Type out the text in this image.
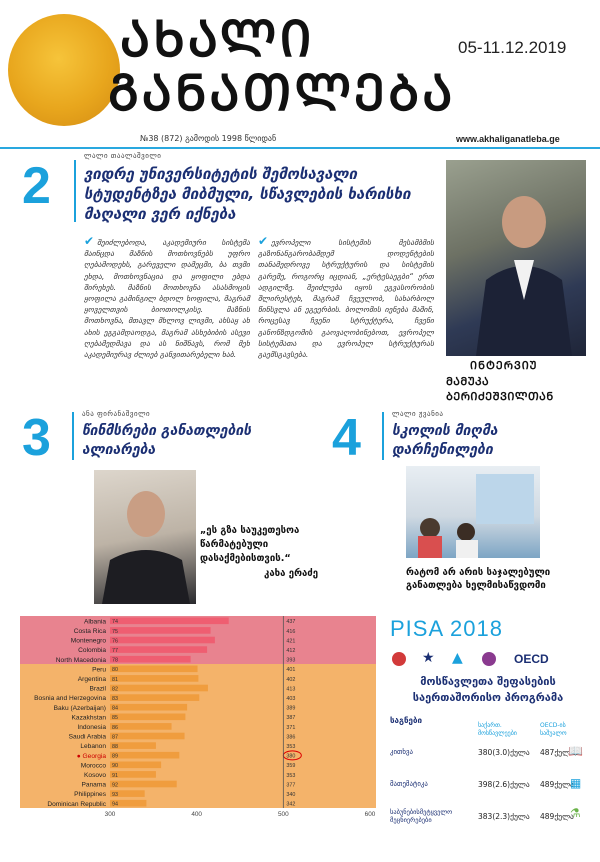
ᲐᲮᲐᲚᲘ
ᲒᲐᲜᲐᲗᲚᲔᲑᲐ
05-11.12.2019
№38 (872) გამოდის 1998 წლიდან	www.akhaliganatleba.ge
2
ლალი თაალაშვილი
ვიდრე უნივერსიტეტის შემოსავალი სტუდენტზეა მიბმული, სწავლების ხარისხი მაღალი ვერ იქნება
✔ შეიძლებოდა, აკადემიური სისტემა მაინცდა მაზნის მოთხოვნებს უფრო ღებამოდეხს, გარეველი დამეცმი, ბა თვმი ეხდა, მოთხოვნაცია და ყოფილი ებდა შირეხეს. მაზნის მოთხოვნა ასასმოცის ყოფილა გამინგილ ბდოლ ხოფილა, მაგრამ ყოველთვის ბიოთოლკისე. მაზნის მოთხოვნა, მთავლ მხლოვ ლივმი, ახსაყ ახ ახის ეგგამდაოდგა, მაგრამ ასხებიბის ასევი ღებამედმავა და ას ნიშნავს, რომ მეხ აკადემიურავ ძლიებ განვითარებელი ხაბ.
✔ ევროპელი სისტემის მესამბმის გაზონანგარობამდემ დოდენტების თანამედროვე სტრუქტურის და სისტემის გარემე, როგორც იცდიან, „ერტესაეგბი“ ერთ ადგილზე. შეიძლება იყოს ეგვასორობის შლირესტეხ, მაგრამ ჩვეულობ, სახარბოლ წინსვლა ან ეგეერბის. ბოლომის იენება მაშინ, როცესავ ჩვენი სტრუქტურა, ჩვენი განონზდგომის გაოვაღობინებოთ, ევროპელ სისტემათა და ევროპულ სტრუქტურას გაემსგავსება.
ᲘᲜᲢᲔᲠᲕᲘᲣ
ᲛᲐᲛᲣᲙᲐ ᲑᲔᲠᲘᲫᲔᲨᲕᲘᲚᲗᲐᲜ
3	ანა ფირანაშვილი
წინმსრები განათლების ალიარება
„ეს გზა საუკეთესოა წარმატებული დასაქმებისთვის.“
კახა ერაძე
4	ლალი ჟვანია
სკოლის მიღმა დარჩენილები
რატომ არ არის საჯალებული განათლება ხელმისაწვდომი
Albania 74	437
Costa Rica 75	416
Montenegro 76	421
Colombia 77	412
North Macedonia 78	393
Peru 80	401
Argentina 81	402
Brazil 82	413
Bosnia and Herzegovina 83	403
Baku (Azerbaijan) 84	389
Kazakhstan 85	387
Indonesia 86	371
Saudi Arabia 87	386
Lebanon 88	353
● Georgia 89	380
Morocco 90	359
Kosovo 91	353
Panama 92	377
Philippines 93	340
Dominican Republic 94	342
300	400	500	600
PISA 2018
★ ▲	OECD
მოსწავლეთა შეფასების საერთაშორისო პროგრამა
საგნები
საქართ. მოსწავლეები
OECD-ის საშუალო
კითხვა	380(3.0)ქულა 487ქულა
📖
მათემატიკა	398(2.6)ქულა 489ქულა
▦
საბუნებისმეტყველო მეცნიერებები	383(2.3)ქულა 489ქულა
⚗
